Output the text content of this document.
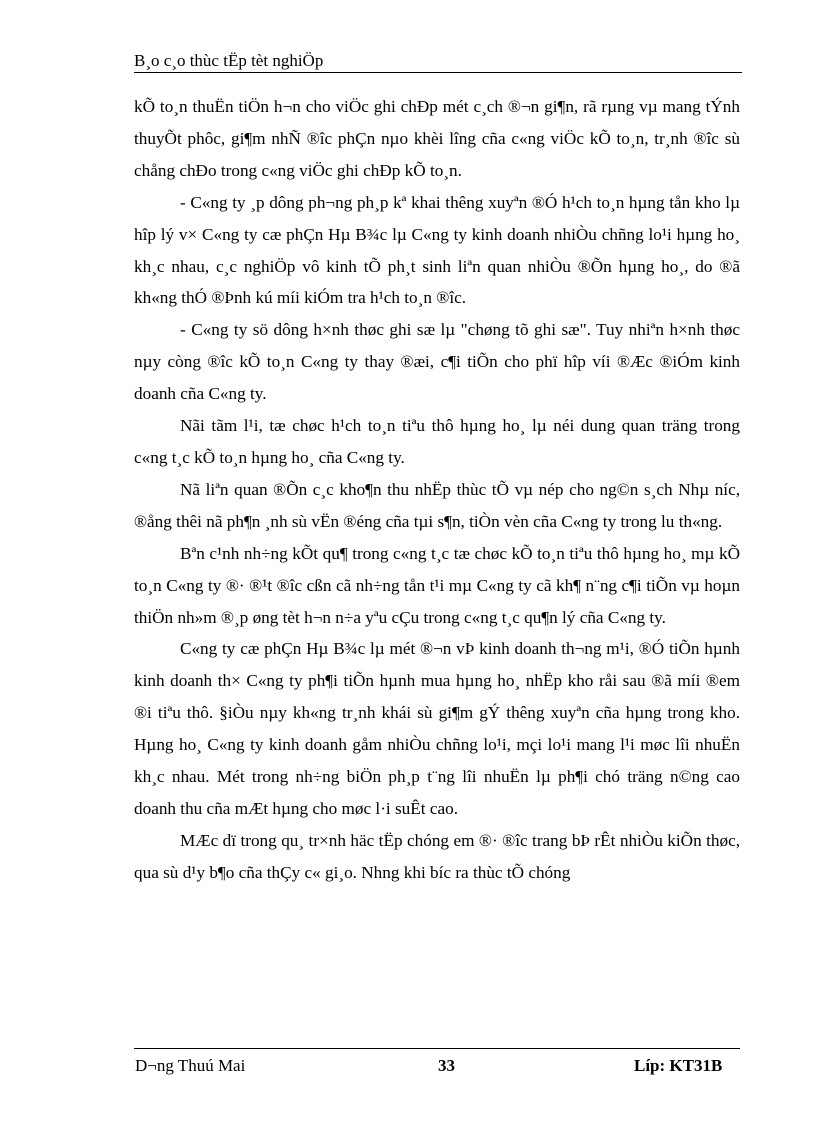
B¸o c¸o thùc tËp tèt nghiÖp

kÕ to¸n thuËn tiÖn h¬n cho viÖc ghi chÐp mét c¸ch ®¬n gi¶n, rã rµng vµ mang tÝnh thuyÕt phôc, gi¶m nhÑ ®îc phÇn nµo khèi lîng cña c«ng viÖc kÕ to¸n, tr¸nh ®îc sù chång chÐo trong c«ng viÖc ghi chÐp kÕ to¸n.

- C«ng ty ¸p dông ph¬ng ph¸p kª khai thêng xuyªn ®Ó h¹ch to¸n hµng tån kho lµ hîp lý v× C«ng ty cæ phÇn Hµ B¾c lµ C«ng ty kinh doanh nhiÒu chñng lo¹i hµng ho¸ kh¸c nhau, c¸c nghiÖp vô kinh tÕ ph¸t sinh liªn quan nhiÒu ®Õn hµng ho¸, do ®ã kh«ng thÓ ®Þnh kú míi kiÓm tra h¹ch to¸n ®îc.

- C«ng ty sö dông h×nh thøc ghi sæ lµ "chøng tõ ghi sæ". Tuy nhiªn h×nh thøc nµy còng ®îc kÕ to¸n C«ng ty thay ®æi, c¶i tiÕn cho phï hîp víi ®Æc ®iÓm kinh doanh cña C«ng ty.

Nãi tãm l¹i, tæ chøc h¹ch to¸n tiªu thô hµng ho¸ lµ néi dung quan träng trong c«ng t¸c kÕ to¸n hµng ho¸ cña C«ng ty.

Nã liªn quan ®Õn c¸c kho¶n thu nhËp thùc tÕ vµ nép cho ng©n s¸ch Nhµ níc, ®ång thêi nã ph¶n ¸nh sù vËn ®éng cña tµi s¶n, tiÒn vèn cña C«ng ty trong lu th«ng.

Bªn c¹nh nh÷ng kÕt qu¶ trong c«ng t¸c tæ chøc kÕ to¸n tiªu thô hµng ho¸ mµ kÕ to¸n C«ng ty ®· ®¹t ®îc cßn cã nh÷ng tån t¹i mµ C«ng ty cã kh¶ n¨ng c¶i tiÕn vµ hoµn thiÖn nh»m ®¸p øng tèt h¬n n÷a yªu cÇu trong c«ng t¸c qu¶n lý cña C«ng ty.

C«ng ty cæ phÇn Hµ B¾c lµ mét ®¬n vÞ kinh doanh th¬ng m¹i, ®Ó tiÕn hµnh kinh doanh th× C«ng ty ph¶i tiÕn hµnh mua hµng ho¸ nhËp kho råi sau ®ã míi ®em ®i tiªu thô. §iÒu nµy kh«ng tr¸nh khái sù gi¶m gÝ thêng xuyªn cña hµng trong kho. Hµng ho¸ C«ng ty kinh doanh gåm nhiÒu chñng lo¹i, mçi lo¹i mang l¹i møc lîi nhuËn kh¸c nhau. Mét trong nh÷ng biÖn ph¸p t¨ng lîi nhuËn lµ ph¶i chó träng n©ng cao doanh thu cña mÆt hµng cho møc l·i suÊt cao.

MÆc dï trong qu¸ tr×nh häc tËp chóng em ®· ®îc trang bÞ rÊt nhiÒu kiÕn thøc, qua sù d¹y b¶o cña thÇy c« gi¸o. Nhng khi bíc ra thùc tÕ chóng

D¬ng Thuú Mai	33	Líp: KT31B
